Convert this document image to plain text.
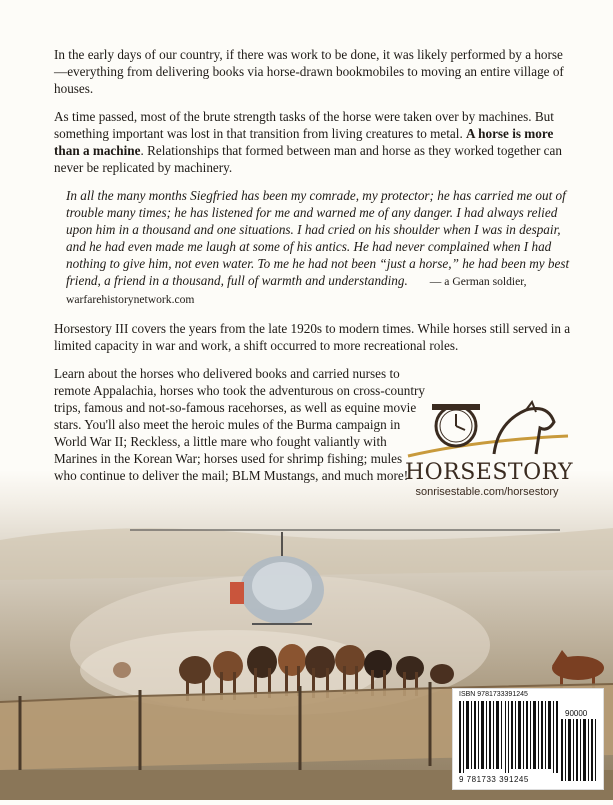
In the early days of our country, if there was work to be done, it was likely performed by a horse—everything from delivering books via horse-drawn bookmobiles to moving an entire village of houses.

As time passed, most of the brute strength tasks of the horse were taken over by machines. But something important was lost in that transition from living creatures to metal. A horse is more than a machine. Relationships that formed between man and horse as they worked together can never be replicated by machinery.

In all the many months Siegfried has been my comrade, my protector; he has carried me out of trouble many times; he has listened for me and warned me of any danger. I had always relied upon him in a thousand and one situations. I had cried on his shoulder when I was in despair, and he had even made me laugh at some of his antics. He had never complained when I had nothing to give him, not even water. To me he had not been “just a horse,” he had been my best friend, a friend in a thousand, full of warmth and understanding. — a German soldier, warfarehistorynetwork.com

Horsestory III covers the years from the late 1920s to modern times. While horses still served in a limited capacity in war and work, a shift occurred to more recreational roles.

Learn about the horses who delivered books and carried nurses to remote Appalachia, horses who took the adventurous on cross-country trips, famous and not-so-famous racehorses, as well as equine movie stars. You'll also meet the heroic mules of the Burma campaign in World War II; Reckless, a little mare who fought valiantly with Marines in the Korean War; horses used for shrimp fishing; mules who continue to deliver the mail; BLM Mustangs, and much more!

HORSESTORY
sonrisestable.com/horsestory
ISBN 9781733391245
90000
9 781733 391245
